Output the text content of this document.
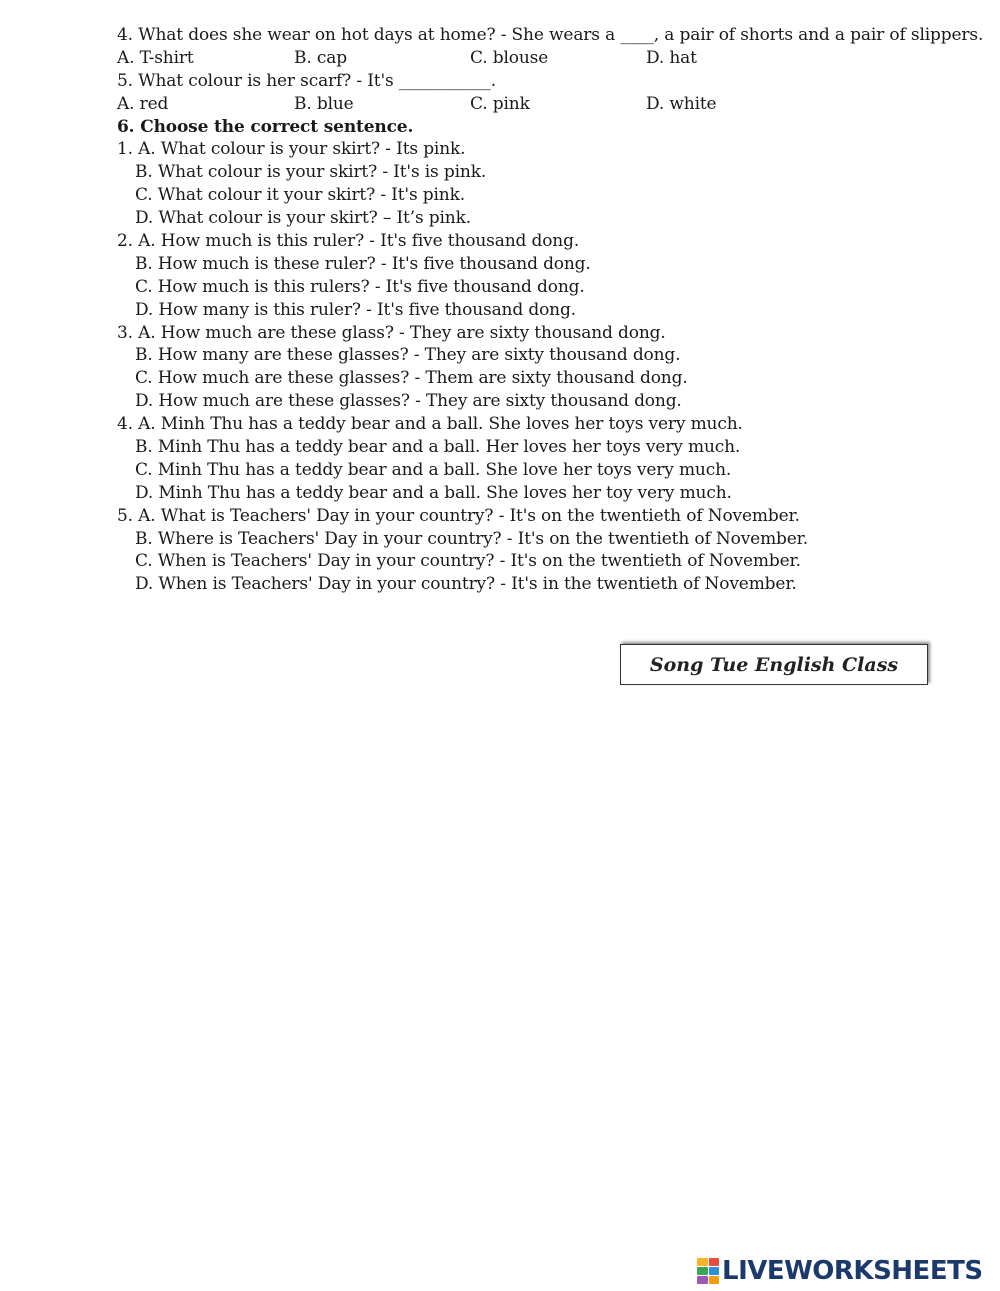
4. What does she wear on hot days at home? - She wears a ____, a pair of shorts and a pair of slippers.
A. T-shirt	B. cap	C. blouse	D. hat
5. What colour is her scarf? - It's ___________.
A. red	B. blue	C. pink	D. white
6. Choose the correct sentence.
1. A. What colour is your skirt? - Its pink.
B. What colour is your skirt? - It's is pink.
C. What colour it your skirt? - It's pink.
D. What colour is your skirt? – It’s pink.
2. A. How much is this ruler? - It's five thousand dong.
B. How much is these ruler? - It's five thousand dong.
C. How much is this rulers? - It's five thousand dong.
D. How many is this ruler? - It's five thousand dong.
3. A. How much are these glass? - They are sixty thousand dong.
B. How many are these glasses? - They are sixty thousand dong.
C. How much are these glasses? - Them are sixty thousand dong.
D. How much are these glasses? - They are sixty thousand dong.
4. A. Minh Thu has a teddy bear and a ball. She loves her toys very much.
B. Minh Thu has a teddy bear and a ball. Her loves her toys very much.
C. Minh Thu has a teddy bear and a ball. She love her toys very much.
D. Minh Thu has a teddy bear and a ball. She loves her toy very much.
5. A. What is Teachers' Day in your country? - It's on the twentieth of November.
B. Where is Teachers' Day in your country? - It's on the twentieth of November.
C. When is Teachers' Day in your country? - It's on the twentieth of November.
D. When is Teachers' Day in your country? - It's in the twentieth of November.
Song Tue English Class
LIVEWORKSHEETS
